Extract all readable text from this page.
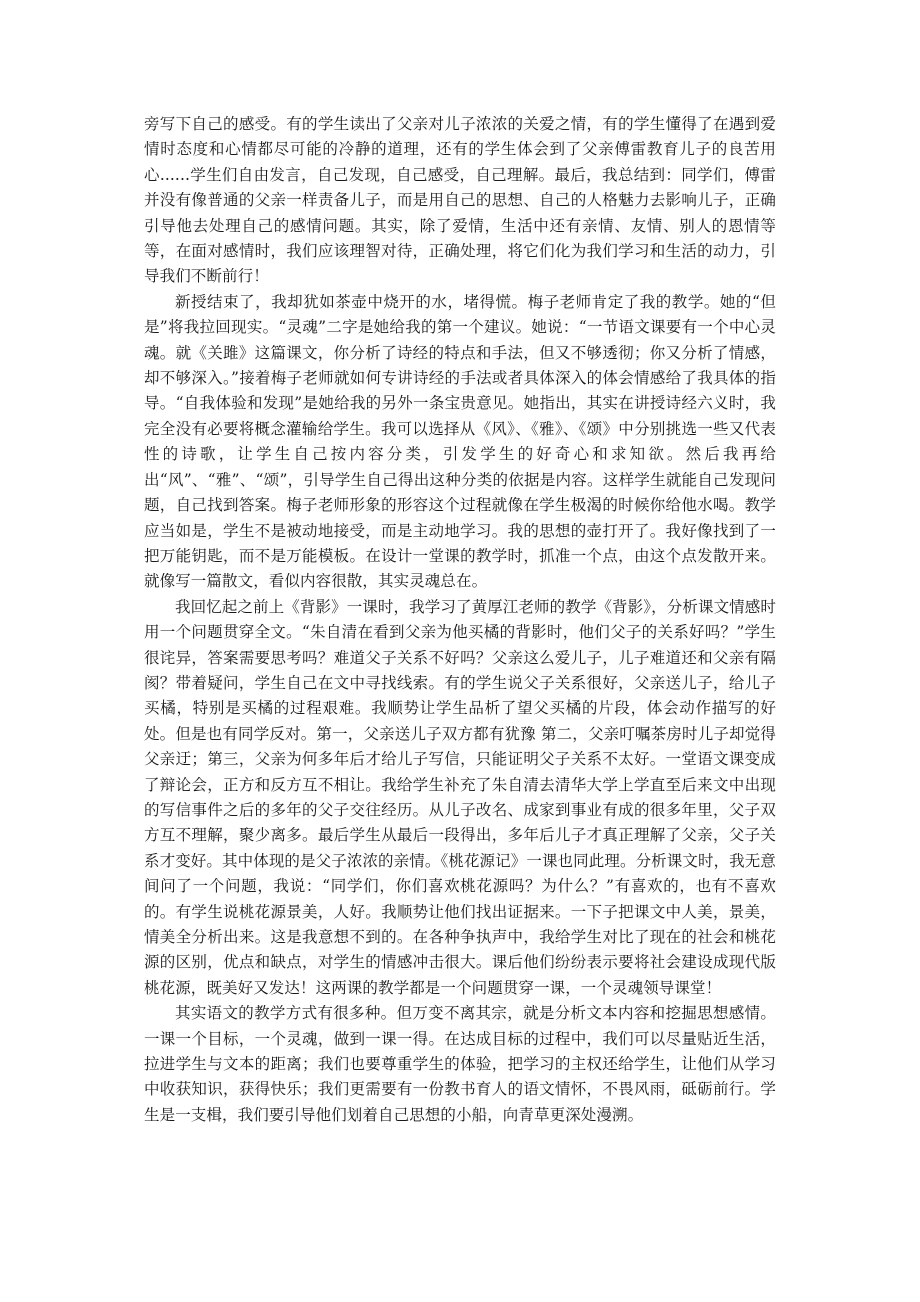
旁写下自己的感受。有的学生读出了父亲对儿子浓浓的关爱之情，有的学生懂得了在遇到爱情时态度和心情都尽可能的冷静的道理，还有的学生体会到了父亲傅雷教育儿子的良苦用心......学生们自由发言，自己发现，自己感受，自己理解。最后，我总结到：同学们，傅雷并没有像普通的父亲一样责备儿子，而是用自己的思想、自己的人格魅力去影响儿子，正确引导他去处理自己的感情问题。其实，除了爱情，生活中还有亲情、友情、别人的恩情等等，在面对感情时，我们应该理智对待，正确处理，将它们化为我们学习和生活的动力，引导我们不断前行！

新授结束了，我却犹如茶壶中烧开的水，堵得慌。梅子老师肯定了我的教学。她的“但是”将我拉回现实。“灵魂”二字是她给我的第一个建议。她说：“一节语文课要有一个中心灵魂。就《关雎》这篇课文，你分析了诗经的特点和手法，但又不够透彻；你又分析了情感，却不够深入。”接着梅子老师就如何专讲诗经的手法或者具体深入的体会情感给了我具体的指导。“自我体验和发现”是她给我的另外一条宝贵意见。她指出，其实在讲授诗经六义时，我完全没有必要将概念灌输给学生。我可以选择从《风》、《雅》、《颂》中分别挑选一些又代表性的诗歌，让学生自己按内容分类，引发学生的好奇心和求知欲。然后我再给出“风”、“雅”、“颂”，引导学生自己得出这种分类的依据是内容。这样学生就能自己发现问题，自己找到答案。梅子老师形象的形容这个过程就像在学生极渴的时候你给他水喝。教学应当如是，学生不是被动地接受，而是主动地学习。我的思想的壶打开了。我好像找到了一把万能钥匙，而不是万能模板。在设计一堂课的教学时，抓准一个点，由这个点发散开来。就像写一篇散文，看似内容很散，其实灵魂总在。

我回忆起之前上《背影》一课时，我学习了黄厚江老师的教学《背影》，分析课文情感时用一个问题贯穿全文。“朱自清在看到父亲为他买橘的背影时，他们父子的关系好吗？”学生很诧异，答案需要思考吗？难道父子关系不好吗？父亲这么爱儿子，儿子难道还和父亲有隔阂？带着疑问，学生自己在文中寻找线索。有的学生说父子关系很好，父亲送儿子，给儿子买橘，特别是买橘的过程艰难。我顺势让学生品析了望父买橘的片段，体会动作描写的好处。但是也有同学反对。第一，父亲送儿子双方都有犹豫 第二，父亲叮嘱茶房时儿子却觉得父亲迂；第三，父亲为何多年后才给儿子写信，只能证明父子关系不太好。一堂语文课变成了辩论会，正方和反方互不相让。我给学生补充了朱自清去清华大学上学直至后来文中出现的写信事件之后的多年的父子交往经历。从儿子改名、成家到事业有成的很多年里，父子双方互不理解，聚少离多。最后学生从最后一段得出，多年后儿子才真正理解了父亲，父子关系才变好。其中体现的是父子浓浓的亲情。《桃花源记》一课也同此理。分析课文时，我无意间问了一个问题，我说：“同学们，你们喜欢桃花源吗？为什么？”有喜欢的，也有不喜欢的。有学生说桃花源景美，人好。我顺势让他们找出证据来。一下子把课文中人美，景美，情美全分析出来。这是我意想不到的。在各种争执声中，我给学生对比了现在的社会和桃花源的区别，优点和缺点，对学生的情感冲击很大。课后他们纷纷表示要将社会建设成现代版桃花源，既美好又发达！这两课的教学都是一个问题贯穿一课，一个灵魂领导课堂！

其实语文的教学方式有很多种。但万变不离其宗，就是分析文本内容和挖掘思想感情。一课一个目标，一个灵魂，做到一课一得。在达成目标的过程中，我们可以尽量贴近生活，拉进学生与文本的距离；我们也要尊重学生的体验，把学习的主权还给学生，让他们从学习中收获知识，获得快乐；我们更需要有一份教书育人的语文情怀，不畏风雨，砥砺前行。学生是一支楫，我们要引导他们划着自己思想的小船，向青草更深处漫溯。
